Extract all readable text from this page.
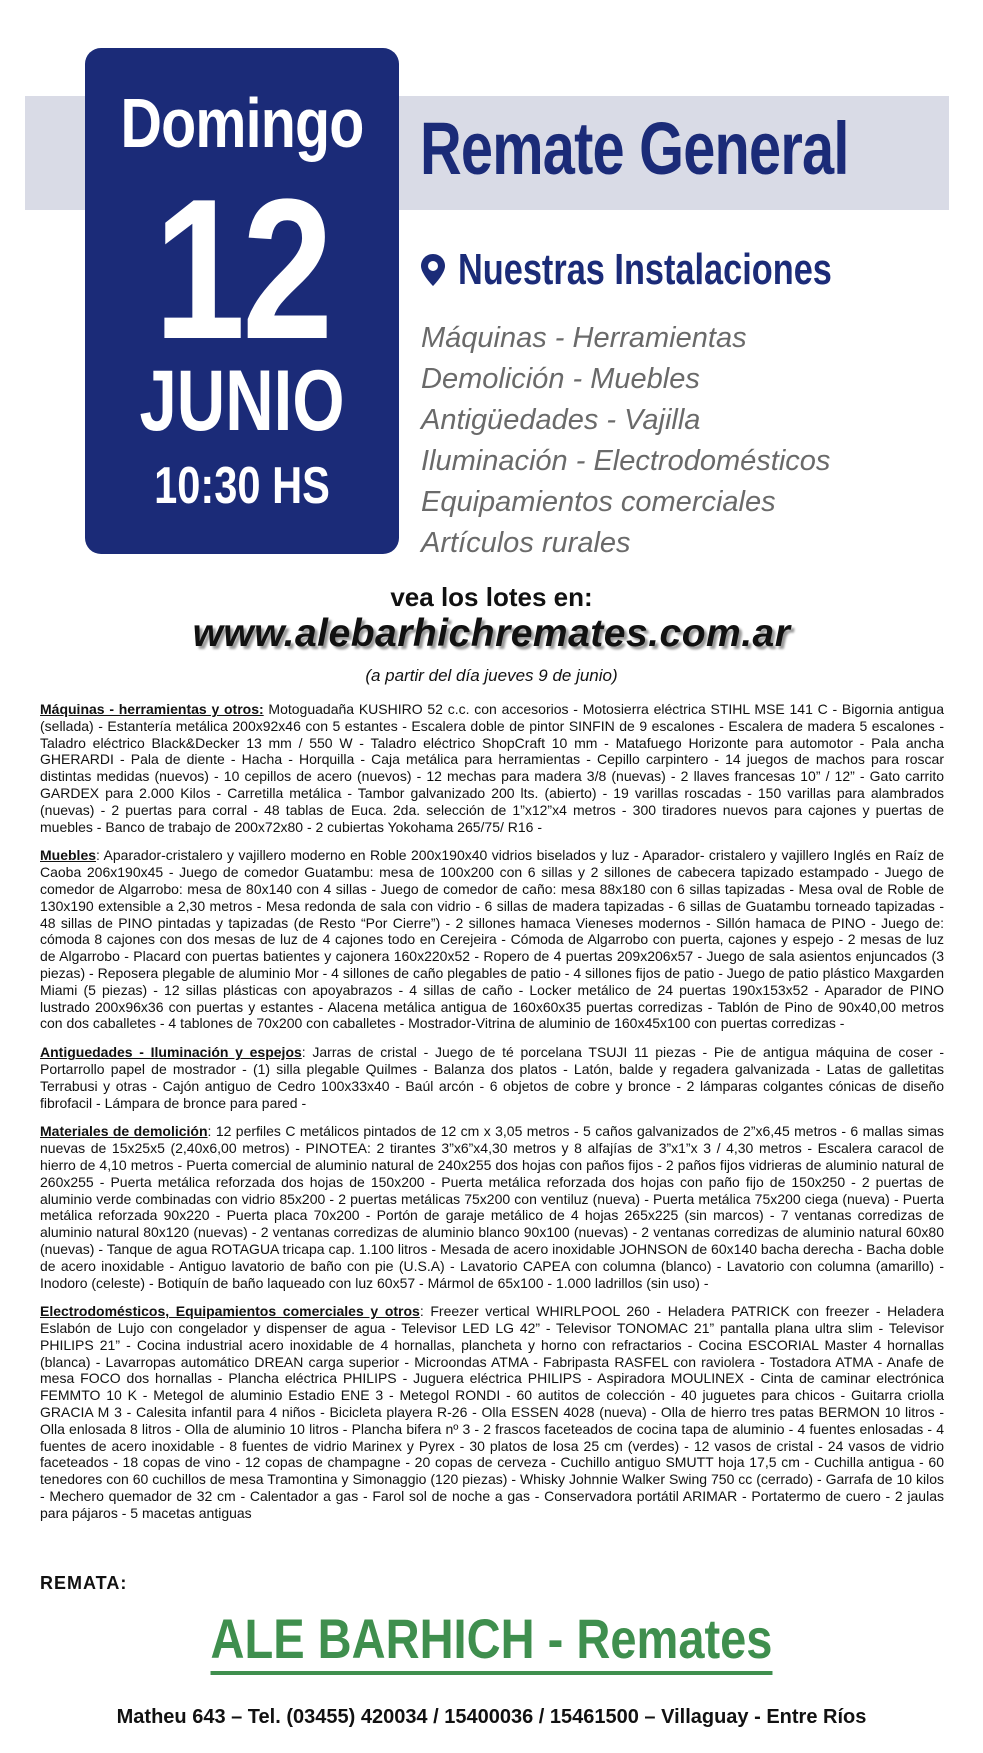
Domingo
12
JUNIO
10:30 HS
Remate General
Nuestras Instalaciones
Máquinas - Herramientas
Demolición - Muebles
Antigüedades - Vajilla
Iluminación - Electrodomésticos
Equipamientos comerciales
Artículos rurales
vea los lotes en:
www.alebarhichremates.com.ar
(a partir del día jueves 9 de junio)

Máquinas - herramientas y otros: Motoguadaña KUSHIRO 52 c.c. con accesorios - Motosierra eléctrica STIHL MSE 141 C - Bigornia antigua (sellada) - Estantería metálica 200x92x46 con 5 estantes - Escalera doble de pintor SINFIN de 9 escalones - Escalera de madera 5 escalones - Taladro eléctrico Black&Decker 13 mm / 550 W - Taladro eléctrico ShopCraft 10 mm - Matafuego Horizonte para automotor - Pala ancha GHERARDI - Pala de diente - Hacha - Horquilla - Caja metálica para herramientas - Cepillo carpintero - 14 juegos de machos para roscar distintas medidas (nuevos) - 10 cepillos de acero (nuevos) - 12 mechas para madera 3/8 (nuevas) - 2 llaves francesas 10” / 12” - Gato carrito GARDEX para 2.000 Kilos - Carretilla metálica - Tambor galvanizado 200 lts. (abierto) - 19 varillas roscadas - 150 varillas para alambrados (nuevas) - 2 puertas para corral - 48 tablas de Euca. 2da. selección de 1”x12”x4 metros - 300 tiradores nuevos para cajones y puertas de muebles - Banco de trabajo de 200x72x80 - 2 cubiertas Yokohama 265/75/ R16 -

Muebles: Aparador-cristalero y vajillero moderno en Roble 200x190x40 vidrios biselados y luz - Aparador- cristalero y vajillero Inglés en Raíz de Caoba 206x190x45 - Juego de comedor Guatambu: mesa de 100x200 con 6 sillas y 2 sillones de cabecera tapizado estampado - Juego de comedor de Algarrobo: mesa de 80x140 con 4 sillas - Juego de comedor de caño: mesa 88x180 con 6 sillas tapizadas - Mesa oval de Roble de 130x190 extensible a 2,30 metros - Mesa redonda de sala con vidrio - 6 sillas de madera tapizadas - 6 sillas de Guatambu torneado tapizadas - 48 sillas de PINO pintadas y tapizadas (de Resto “Por Cierre”) - 2 sillones hamaca Vieneses modernos - Sillón hamaca de PINO - Juego de: cómoda 8 cajones con dos mesas de luz de 4 cajones todo en Cerejeira - Cómoda de Algarrobo con puerta, cajones y espejo - 2 mesas de luz de Algarrobo - Placard con puertas batientes y cajonera 160x220x52 - Ropero de 4 puertas 209x206x57 - Juego de sala asientos enjuncados (3 piezas) - Reposera plegable de aluminio Mor - 4 sillones de caño plegables de patio - 4 sillones fijos de patio - Juego de patio plástico Maxgarden Miami (5 piezas) - 12 sillas plásticas con apoyabrazos - 4 sillas de caño - Locker metálico de 24 puertas 190x153x52 - Aparador de PINO lustrado 200x96x36 con puertas y estantes - Alacena metálica antigua de 160x60x35 puertas corredizas - Tablón de Pino de 90x40,00 metros con dos caballetes - 4 tablones de 70x200 con caballetes - Mostrador-Vitrina de aluminio de 160x45x100 con puertas corredizas -

Antiguedades - Iluminación y espejos: Jarras de cristal - Juego de té porcelana TSUJI 11 piezas - Pie de antigua máquina de coser - Portarrollo papel de mostrador - (1) silla plegable Quilmes - Balanza dos platos - Latón, balde y regadera galvanizada - Latas de galletitas Terrabusi y otras - Cajón antiguo de Cedro 100x33x40 - Baúl arcón - 6 objetos de cobre y bronce - 2 lámparas colgantes cónicas de diseño fibrofacil - Lámpara de bronce para pared -

Materiales de demolición: 12 perfiles C metálicos pintados de 12 cm x 3,05 metros - 5 caños galvanizados de 2”x6,45 metros - 6 mallas simas nuevas de 15x25x5 (2,40x6,00 metros) - PINOTEA: 2 tirantes 3”x6”x4,30 metros y 8 alfajías de 3”x1”x 3 / 4,30 metros - Escalera caracol de hierro de 4,10 metros - Puerta comercial de aluminio natural de 240x255 dos hojas con paños fijos - 2 paños fijos vidrieras de aluminio natural de 260x255 - Puerta metálica reforzada dos hojas de 150x200 - Puerta metálica reforzada dos hojas con paño fijo de 150x250 - 2 puertas de aluminio verde combinadas con vidrio 85x200 - 2 puertas metálicas 75x200 con ventiluz (nueva) - Puerta metálica 75x200 ciega (nueva) - Puerta metálica reforzada 90x220 - Puerta placa 70x200 - Portón de garaje metálico de 4 hojas 265x225 (sin marcos) - 7 ventanas corredizas de aluminio natural 80x120 (nuevas) - 2 ventanas corredizas de aluminio blanco 90x100 (nuevas) - 2 ventanas corredizas de aluminio natural 60x80 (nuevas) - Tanque de agua ROTAGUA tricapa cap. 1.100 litros - Mesada de acero inoxidable JOHNSON de 60x140 bacha derecha - Bacha doble de acero inoxidable - Antiguo lavatorio de baño con pie (U.S.A) - Lavatorio CAPEA con columna (blanco) - Lavatorio con columna (amarillo) - Inodoro (celeste) - Botiquín de baño laqueado con luz 60x57 - Mármol de 65x100 - 1.000 ladrillos (sin uso) -

Electrodomésticos, Equipamientos comerciales y otros: Freezer vertical WHIRLPOOL 260 - Heladera PATRICK con freezer - Heladera Eslabón de Lujo con congelador y dispenser de agua - Televisor LED LG 42” - Televisor TONOMAC 21” pantalla plana ultra slim - Televisor PHILIPS 21” - Cocina industrial acero inoxidable de 4 hornallas, plancheta y horno con refractarios - Cocina ESCORIAL Master 4 hornallas (blanca) - Lavarropas automático DREAN carga superior - Microondas ATMA - Fabripasta RASFEL con raviolera - Tostadora ATMA - Anafe de mesa FOCO dos hornallas - Plancha eléctrica PHILIPS - Juguera eléctrica PHILIPS - Aspiradora MOULINEX - Cinta de caminar electrónica FEMMTO 10 K - Metegol de aluminio Estadio ENE 3 - Metegol RONDI - 60 autitos de colección - 40 juguetes para chicos - Guitarra criolla GRACIA M 3 - Calesita infantil para 4 niños - Bicicleta playera R-26 - Olla ESSEN 4028 (nueva) - Olla de hierro tres patas BERMON 10 litros - Olla enlosada 8 litros - Olla de aluminio 10 litros - Plancha bifera nº 3 - 2 frascos faceteados de cocina tapa de aluminio - 4 fuentes enlosadas - 4 fuentes de acero inoxidable - 8 fuentes de vidrio Marinex y Pyrex - 30 platos de losa 25 cm (verdes) - 12 vasos de cristal - 24 vasos de vidrio faceteados - 18 copas de vino - 12 copas de champagne - 20 copas de cerveza - Cuchillo antiguo SMUTT hoja 17,5 cm - Cuchilla antigua - 60 tenedores con 60 cuchillos de mesa Tramontina y Simonaggio (120 piezas) - Whisky Johnnie Walker Swing 750 cc (cerrado) - Garrafa de 10 kilos - Mechero quemador de 32 cm - Calentador a gas - Farol sol de noche a gas - Conservadora portátil ARIMAR - Portatermo de cuero - 2 jaulas para pájaros - 5 macetas antiguas

REMATA:
ALE BARHICH - Remates
Matheu 643 – Tel. (03455) 420034 / 15400036 / 15461500 – Villaguay - Entre Ríos
